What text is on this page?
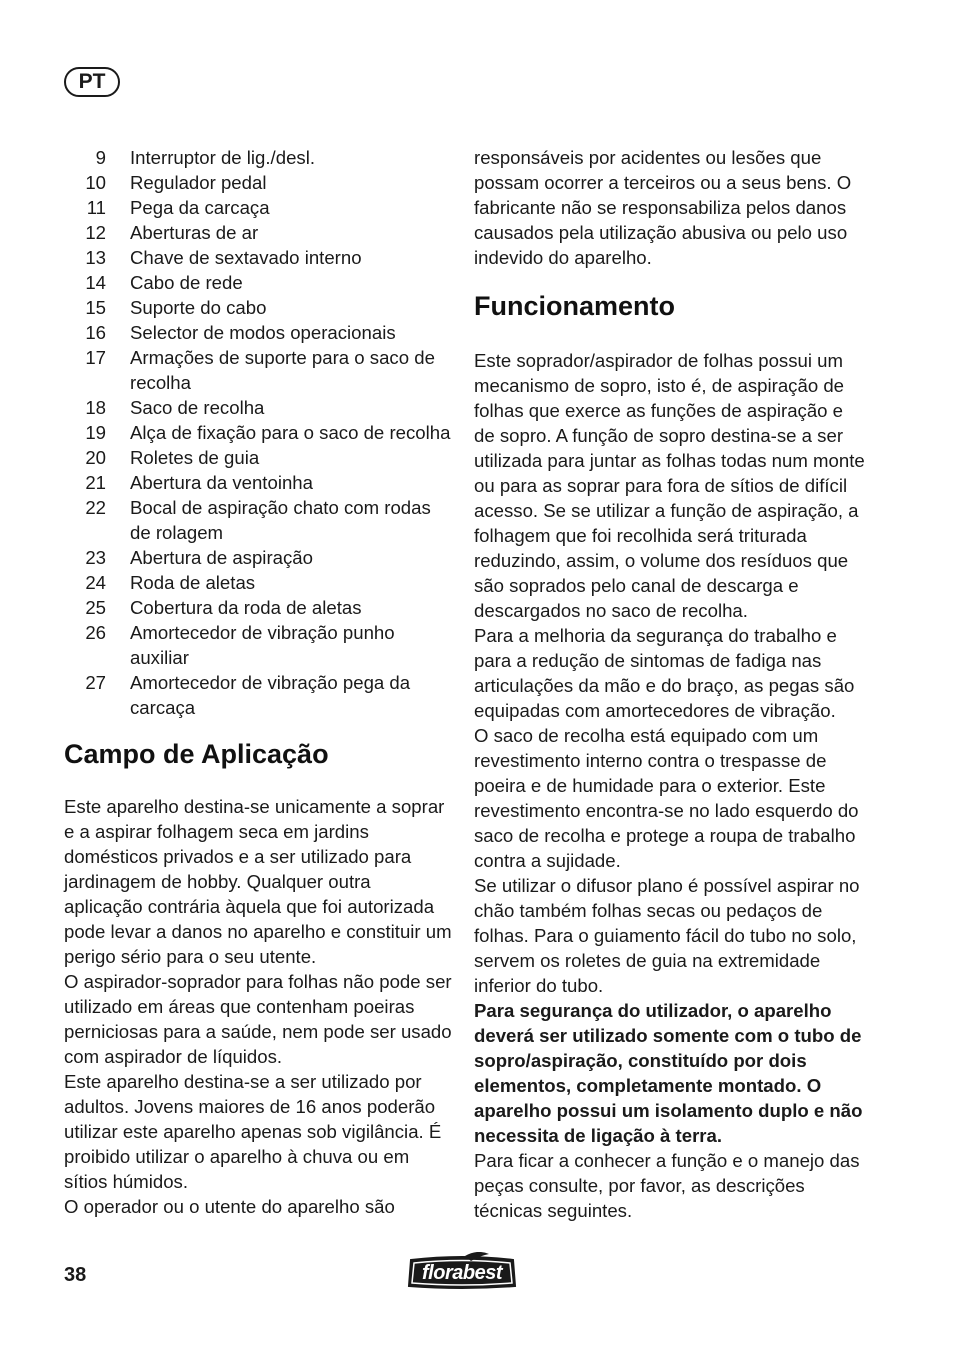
PT
9	Interruptor de lig./desl.
10	Regulador pedal
11	Pega da carcaça
12	Aberturas de ar
13	Chave de sextavado interno
14	Cabo de rede
15	Suporte do cabo
16	Selector de modos operacionais
17	Armações de suporte para o saco de recolha
18	Saco de recolha
19	Alça de fixação para o saco de recolha
20	Roletes de guia
21	Abertura da ventoinha
22	Bocal de aspiração chato com rodas de rolagem
23	Abertura de aspiração
24	Roda de aletas
25	Cobertura da roda de aletas
26	Amortecedor de vibração punho auxiliar
27	Amortecedor de vibração pega da carcaça
Campo de Aplicação

Este aparelho destina-se unicamente a soprar e a aspirar folhagem seca em jardins domésticos privados e a ser utilizado para jardinagem de hobby. Qualquer outra aplicação contrária àquela que foi autorizada pode levar a danos no aparelho e constituir um perigo sério para o seu utente.

O aspirador-soprador para folhas não pode ser utilizado em áreas que contenham poeiras perniciosas para a saúde, nem pode ser usado com aspirador de líquidos.

Este aparelho destina-se a ser utilizado por adultos. Jovens maiores de 16 anos poderão utilizar este aparelho apenas sob vigilância. É proibido utilizar o aparelho à chuva ou em sítios húmidos.

O operador ou o utente do aparelho são

responsáveis por acidentes ou lesões que possam ocorrer a terceiros ou a seus bens. O fabricante não se responsabiliza pelos danos causados pela utilização abusiva ou pelo uso indevido do aparelho.

Funcionamento

Este soprador/aspirador de folhas possui um mecanismo de sopro, isto é, de aspiração de folhas que exerce as funções de aspiração e de sopro. A função de sopro destina-se a ser utilizada para juntar as folhas todas num monte ou para as soprar para fora de sítios de difícil acesso. Se se utilizar a função de aspiração, a folhagem que foi recolhida será triturada reduzindo, assim, o volume dos resíduos que são soprados pelo canal de descarga e descargados no saco de recolha.

Para a melhoria da segurança do trabalho e para a redução de sintomas de fadiga nas articulações da mão e do braço, as pegas são equipadas com amortecedores de vibração.

O saco de recolha está equipado com um revestimento interno contra o trespasse de poeira e de humidade para o exterior. Este revestimento encontra-se no lado esquerdo do saco de recolha e protege a roupa de trabalho contra a sujidade.

Se utilizar o difusor plano é possível aspirar no chão também folhas secas ou pedaços de folhas. Para o guiamento fácil do tubo no solo, servem os roletes de guia na extremidade inferior do tubo.

Para segurança do utilizador, o aparelho deverá ser utilizado somente com o tubo de sopro/aspiração, constituído por dois elementos, completamente montado. O aparelho possui um isolamento duplo e não necessita de ligação à terra.

Para ficar a conhecer a função e o manejo das peças consulte, por favor, as descrições técnicas seguintes.

38	florabest
